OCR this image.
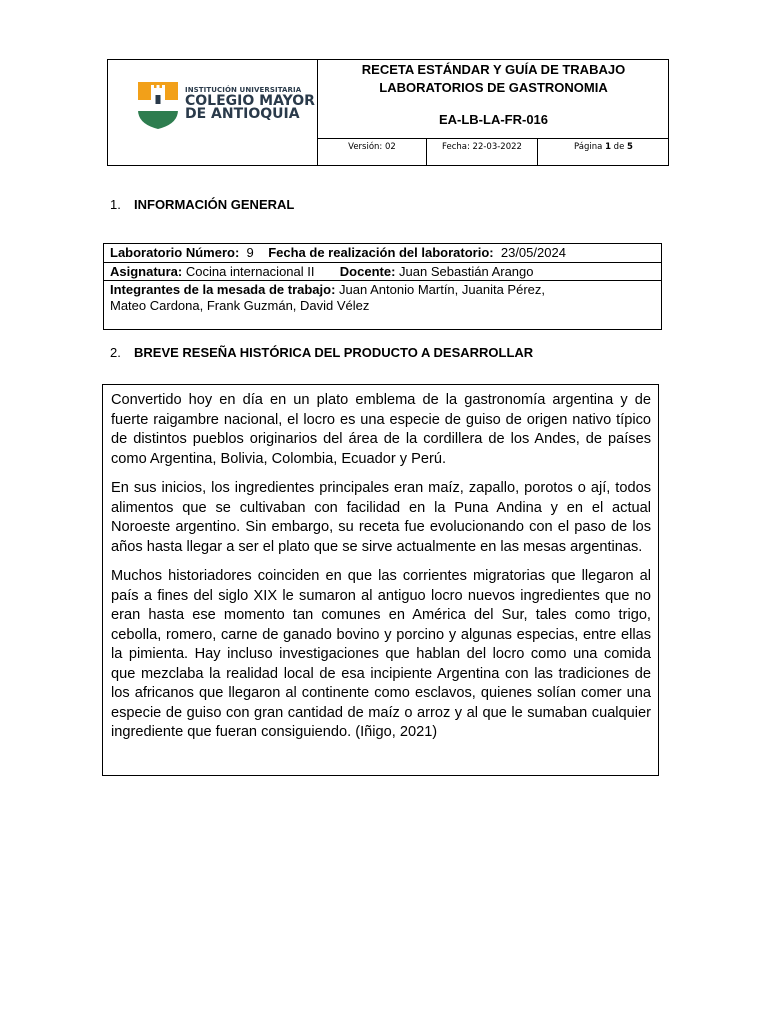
INSTITUCIÓN UNIVERSITARIA
COLEGIO MAYOR
DE ANTIOQUIA
RECETA ESTÁNDAR Y GUÍA DE TRABAJO
LABORATORIOS DE GASTRONOMIA
EA-LB-LA-FR-016
Versión: 02	Fecha: 22-03-2022	Página 1 de 5
1. INFORMACIÓN GENERAL
Laboratorio Número: 9 Fecha de realización del laboratorio: 23/05/2024
Asignatura: Cocina internacional II Docente: Juan Sebastián Arango
Integrantes de la mesada de trabajo: Juan Antonio Martín, Juanita Pérez,
Mateo Cardona, Frank Guzmán, David Vélez
2. BREVE RESEÑA HISTÓRICA DEL PRODUCTO A DESARROLLAR

Convertido hoy en día en un plato emblema de la gastronomía argentina y de fuerte raigambre nacional, el locro es una especie de guiso de origen nativo típico de distintos pueblos originarios del área de la cordillera de los Andes, de países como Argentina, Bolivia, Colombia, Ecuador y Perú.

En sus inicios, los ingredientes principales eran maíz, zapallo, porotos o ají, todos alimentos que se cultivaban con facilidad en la Puna Andina y en el actual Noroeste argentino. Sin embargo, su receta fue evolucionando con el paso de los años hasta llegar a ser el plato que se sirve actualmente en las mesas argentinas.

Muchos historiadores coinciden en que las corrientes migratorias que llegaron al país a fines del siglo XIX le sumaron al antiguo locro nuevos ingredientes que no eran hasta ese momento tan comunes en América del Sur, tales como trigo, cebolla, romero, carne de ganado bovino y porcino y algunas especias, entre ellas la pimienta. Hay incluso investigaciones que hablan del locro como una comida que mezclaba la realidad local de esa incipiente Argentina con las tradiciones de los africanos que llegaron al continente como esclavos, quienes solían comer una especie de guiso con gran cantidad de maíz o arroz y al que le sumaban cualquier ingrediente que fueran consiguiendo. (Iñigo, 2021)
